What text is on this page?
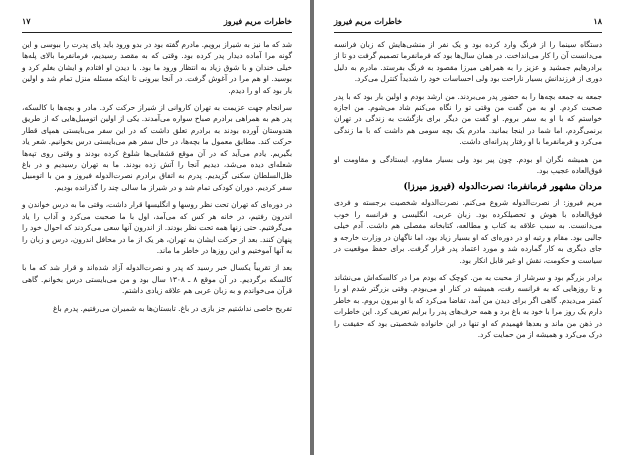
۱۷	خاطرات مریم فیروز

شد که ما نیز به شیراز برویم. مادرم گفته بود در بدو ورود باید پای پدرت را ببوسی و این گونه مرا آماده دیدار پدر کرده بود. وقتی که به مقصد رسیدیم، فرمانفرما بالای پله‌ها خیلی خندان و با شوق زیاد به انتظار ورود ما بود. با دیدن او افتادم و ایشان بغلم کرد و بوسید. او هم مرا در آغوش گرفت. در آنجا بیرونی تا اینکه مسئله منزل تمام شد و اولین بار بود که او را دیدم.

سرانجام جهت عزیمت به تهران کاروانی از شیراز حرکت کرد. مادر و بچه‌ها با کالسکه، پدر هم به همراهی برادرم صباح سواره می‌آمدند. یکی از اولین اتومبیل‌هایی که از طریق هندوستان آورده بودند به برادرم تعلق داشت که در این سفر می‌بایستی همپای قطار حرکت کند. مطابق معمول ما بچه‌ها، در حال سفر هم می‌بایستی درس بخوانیم. شعر یاد بگیریم. یادم می‌آید که در آن موقع قشقایی‌ها شلوغ کرده بودند و وقتی روی تپه‌ها شعله‌ای دیده می‌شد، دیدیم آنجا را آتش زده بودند. ما به تهران رسیدیم و در باغ ظل‌السلطان سکنی گزیدیم. پدرم به اتفاق برادرم نصرت‌الدوله فیروز و من با اتومبیل سفر کردیم. دوران کودکی تمام شد و در شیراز ما سالی چند را گذرانده بودیم.

در دوره‌ای که تهران تحت نظر روسها و انگلیسها قرار داشت، وقتی ما به درس خواندن و اندرون رفتیم، در خانه هر کس که می‌آمد، اول با ما صحبت می‌کرد و آداب را یاد می‌گرفتیم. حتی زنها همه تحت نظر بودند. از اندرون آنها سعی می‌کردند که احوال خود را پنهان کنند. بعد از حرکت ایشان به تهران، هر یک از ما در محافل اندرون، درس و زبان را به آنها آموختیم و این روزها در خاطر ما ماند.

بعد از تقریباً یکسال خبر رسید که پدر و نصرت‌الدوله آزاد شده‌اند و قرار شد که ما با کالسکه برگردیم. در آن موقع ۸ ـ ۱۳۰۸ سال بود و من می‌بایستی درس بخوانم. گاهی قرآن می‌خواندم و به زبان عربی هم علاقه زیادی داشتم.

تفریح خاصی نداشتیم جز بازی در باغ. تابستان‌ها به شمیران می‌رفتیم. پدرم باغ

۱۸
خاطرات مریم فیروز

دستگاه سینما را از فرنگ وارد کرده بود و یک نفر از منشی‌هایش که زبان فرانسه می‌دانست آن را کار می‌انداخت. در همان سال‌ها بود که فرمانفرما تصمیم گرفت دو تا از برادرهایم جمشید و عزیز را به همراهی میرزا مقصود به فرنگ بفرستد. مادرم به دلیل دوری از فرزندانش بسیار ناراحت بود ولی احساسات خود را شدیداً کنترل می‌کرد.

جمعه به جمعه بچه‌ها را به حضور پدر می‌بردند. من ارشد بودم و اولین بار بود که با پدر صحبت کردم. او به من گفت من وقتی تو را نگاه می‌کنم شاد می‌شوم. من اجازه خواستم که با او به سفر بروم. او گفت من دیگر برای بازگشت به زندگی در تهران برنمی‌گردم، اما شما در اینجا بمانید. مادرم یک بچه سومی هم داشت که با ما زندگی می‌کرد و فرمانفرما با او رفتار پدرانه‌ای داشت.

من همیشه نگران او بودم. چون پیر بود ولی بسیار مقاوم، ایستادگی و مقاومت او فوق‌العاده عجیب بود.

مردان مشهور فرمانفرما: نصرت‌الدوله (فیروز میرزا)

مریم فیروز: از نصرت‌الدوله شروع می‌کنم. نصرت‌الدوله شخصیت برجسته و فردی فوق‌العاده با هوش و تحصیلکرده بود. زبان عربی، انگلیسی و فرانسه را خوب می‌دانست. به سبب علاقه به کتاب و مطالعه، کتابخانه مفصلی هم داشت. آدم خیلی جالبی بود. مقام و رتبه او در دوره‌ای که او بسیار زیاد بود، اما ناگهان در وزارت خارجه و جای دیگری به کار گمارده شد و مورد اعتماد پدر قرار گرفت. برای حفظ موقعیت در سیاست و حکومت، نقش او غیر قابل انکار بود.

برادر بزرگم بود و سرشار از محبت به من. کوچک که بودم مرا در کالسکه‌اش می‌نشاند و تا روزهایی که به فرانسه رفت، همیشه در کنار او می‌بودم. وقتی بزرگتر شدم او را کمتر می‌دیدم. گاهی اگر برای دیدن من آمد، تقاضا می‌کرد که با او بیرون بروم. به خاطر دارم یک روز مرا با خود به باغ برد و همه حرف‌های پدر را برایم تعریف کرد. این خاطرات در ذهن من ماند و بعدها فهمیدم که او تنها در این خانواده شخصیتی بود که حقیقت را درک می‌کرد و همیشه از من حمایت کرد.
